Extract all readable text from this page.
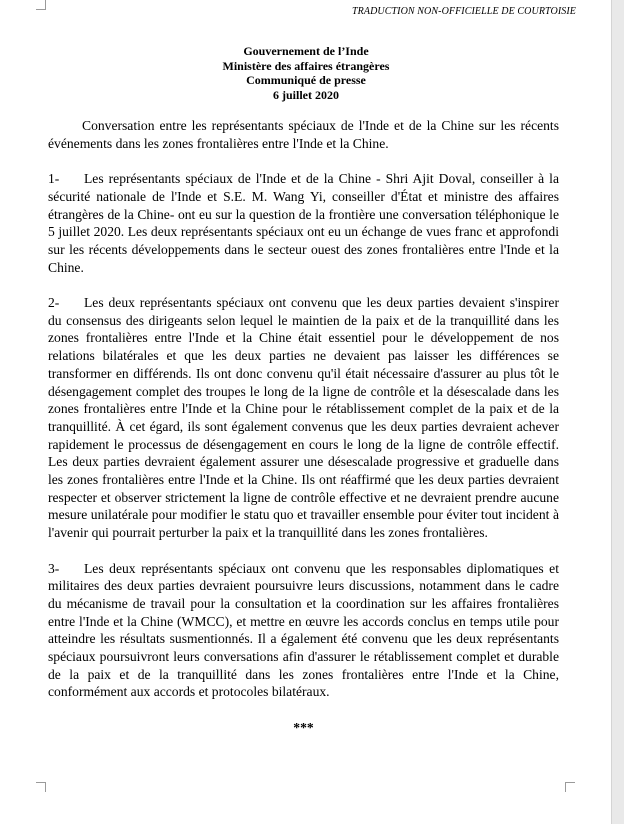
TRADUCTION NON-OFFICIELLE DE COURTOISIE
Gouvernement de l’Inde
Ministère des affaires étrangères
Communiqué de presse
6 juillet 2020

Conversation entre les représentants spéciaux de l'Inde et de la Chine sur les récents événements dans les zones frontalières entre l'Inde et la Chine.

1- Les représentants spéciaux de l'Inde et de la Chine - Shri Ajit Doval, conseiller à la sécurité nationale de l'Inde et S.E. M. Wang Yi, conseiller d'État et ministre des affaires étrangères de la Chine- ont eu sur la question de la frontière une conversation téléphonique le 5 juillet 2020. Les deux représentants spéciaux ont eu un échange de vues franc et approfondi sur les récents développements dans le secteur ouest des zones frontalières entre l'Inde et la Chine.

2- Les deux représentants spéciaux ont convenu que les deux parties devaient s'inspirer du consensus des dirigeants selon lequel le maintien de la paix et de la tranquillité dans les zones frontalières entre l'Inde et la Chine était essentiel pour le développement de nos relations bilatérales et que les deux parties ne devaient pas laisser les différences se transformer en différends. Ils ont donc convenu qu'il était nécessaire d'assurer au plus tôt le désengagement complet des troupes le long de la ligne de contrôle et la désescalade dans les zones frontalières entre l'Inde et la Chine pour le rétablissement complet de la paix et de la tranquillité. À cet égard, ils sont également convenus que les deux parties devraient achever rapidement le processus de désengagement en cours le long de la ligne de contrôle effectif. Les deux parties devraient également assurer une désescalade progressive et graduelle dans les zones frontalières entre l'Inde et la Chine. Ils ont réaffirmé que les deux parties devraient respecter et observer strictement la ligne de contrôle effective et ne devraient prendre aucune mesure unilatérale pour modifier le statu quo et travailler ensemble pour éviter tout incident à l'avenir qui pourrait perturber la paix et la tranquillité dans les zones frontalières.

3- Les deux représentants spéciaux ont convenu que les responsables diplomatiques et militaires des deux parties devraient poursuivre leurs discussions, notamment dans le cadre du mécanisme de travail pour la consultation et la coordination sur les affaires frontalières entre l'Inde et la Chine (WMCC), et mettre en œuvre les accords conclus en temps utile pour atteindre les résultats susmentionnés. Il a également été convenu que les deux représentants spéciaux poursuivront leurs conversations afin d'assurer le rétablissement complet et durable de la paix et de la tranquillité dans les zones frontalières entre l'Inde et la Chine, conformément aux accords et protocoles bilatéraux.

***
